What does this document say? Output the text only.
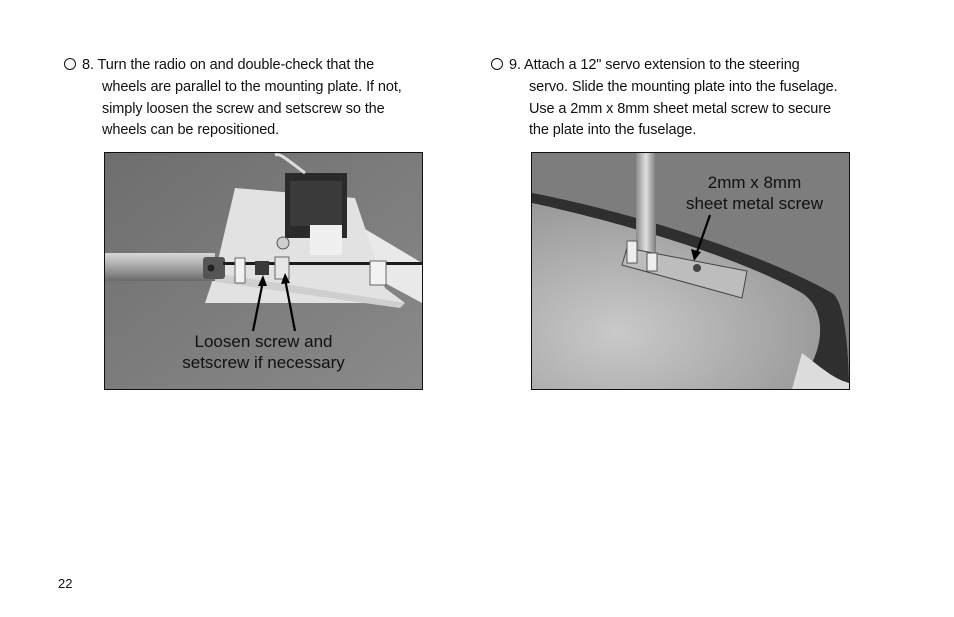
8. Turn the radio on and double-check that the
wheels are parallel to the mounting plate. If not,
simply loosen the screw and setscrew so the
wheels can be repositioned.
9. Attach a 12" servo extension to the steering
servo. Slide the mounting plate into the fuselage.
Use a 2mm x 8mm sheet metal screw to secure
the plate into the fuselage.
Loosen screw and
setscrew if necessary
2mm x 8mm
sheet metal screw
22
